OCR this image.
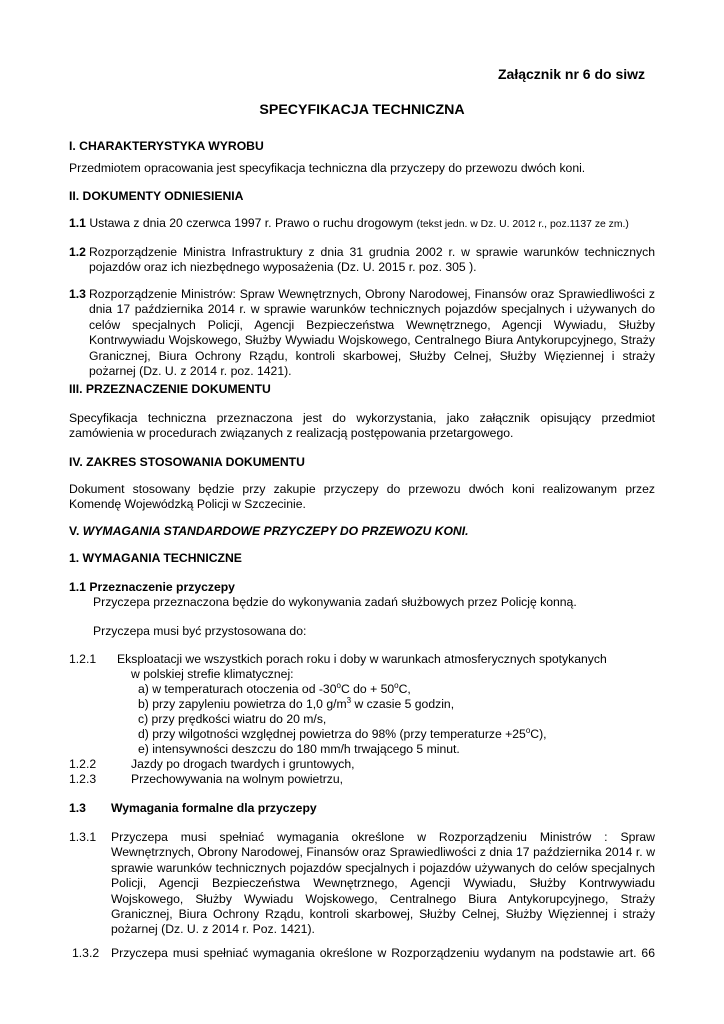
Załącznik nr 6 do siwz
SPECYFIKACJA TECHNICZNA
I. CHARAKTERYSTYKA WYROBU
Przedmiotem opracowania jest specyfikacja techniczna dla przyczepy do przewozu dwóch koni.
II. DOKUMENTY ODNIESIENIA
1.1 Ustawa z dnia 20 czerwca 1997 r. Prawo o ruchu drogowym (tekst jedn. w Dz. U. 2012 r., poz.1137 ze zm.)
1.2 Rozporządzenie Ministra Infrastruktury z dnia 31 grudnia 2002 r. w sprawie warunków technicznych
pojazdów oraz ich niezbędnego wyposażenia (Dz. U. 2015 r. poz. 305 ).
1.3 Rozporządzenie Ministrów: Spraw Wewnętrznych, Obrony Narodowej, Finansów oraz Sprawiedliwości z
dnia 17 października 2014 r. w sprawie warunków technicznych pojazdów specjalnych i używanych do
celów specjalnych Policji, Agencji Bezpieczeństwa Wewnętrznego, Agencji Wywiadu, Służby
Kontrwywiadu Wojskowego, Służby Wywiadu Wojskowego, Centralnego Biura Antykorupcyjnego, Straży
Granicznej, Biura Ochrony Rządu, kontroli skarbowej, Służby Celnej, Służby Więziennej i straży
pożarnej (Dz. U. z 2014 r. poz. 1421).
III. PRZEZNACZENIE DOKUMENTU
Specyfikacja techniczna przeznaczona jest do wykorzystania, jako załącznik opisujący przedmiot
zamówienia w procedurach związanych z realizacją postępowania przetargowego.
IV. ZAKRES STOSOWANIA DOKUMENTU
Dokument stosowany będzie przy zakupie przyczepy do przewozu dwóch koni realizowanym przez
Komendę Wojewódzką Policji w Szczecinie.
V. WYMAGANIA STANDARDOWE PRZYCZEPY DO PRZEWOZU KONI.
1. WYMAGANIA TECHNICZNE
1.1 Przeznaczenie przyczepy
Przyczepa przeznaczona będzie do wykonywania zadań służbowych przez Policję konną.
Przyczepa musi być przystosowana do:
1.2.1 Eksploatacji we wszystkich porach roku i doby w warunkach atmosferycznych spotykanych
w polskiej strefie klimatycznej:
a) w temperaturach otoczenia od -30$^o$C do + $50^oC$,
b) przy zapyleniu powietrza do 1,0 $g/m^3$ w czasie 5 godzin,
c) przy prędkości wiatru do 20 m/s,
d) przy wilgotności względnej powietrza do 98% (przy temperaturze $+25^oC$),
e) intensywności deszczu do 180 mm/h trwającego 5 minut.
1.2.2	Jazdy po drogach twardych i gruntowych,
1.2.3	Przechowywania na wolnym powietrzu,
1.3 Wymagania formalne dla przyczepy
1.3.1 Przyczepa musi spełniać wymagania określone w Rozporządzeniu Ministrów : Spraw
Wewnętrznych, Obrony Narodowej, Finansów oraz Sprawiedliwości z dnia 17 października 2014 r. w
sprawie warunków technicznych pojazdów specjalnych i pojazdów używanych do celów specjalnych
Policji, Agencji Bezpieczeństwa Wewnętrznego, Agencji Wywiadu, Służby Kontrwywiadu
Wojskowego, Służby Wywiadu Wojskowego, Centralnego Biura Antykorupcyjnego, Straży
Granicznej, Biura Ochrony Rządu, kontroli skarbowej, Służby Celnej, Służby Więziennej i straży
pożarnej (Dz. U. z 2014 r. Poz. 1421).
1.3.2 Przyczepa musi spełniać wymagania określone w Rozporządzeniu wydanym na podstawie art. 66
